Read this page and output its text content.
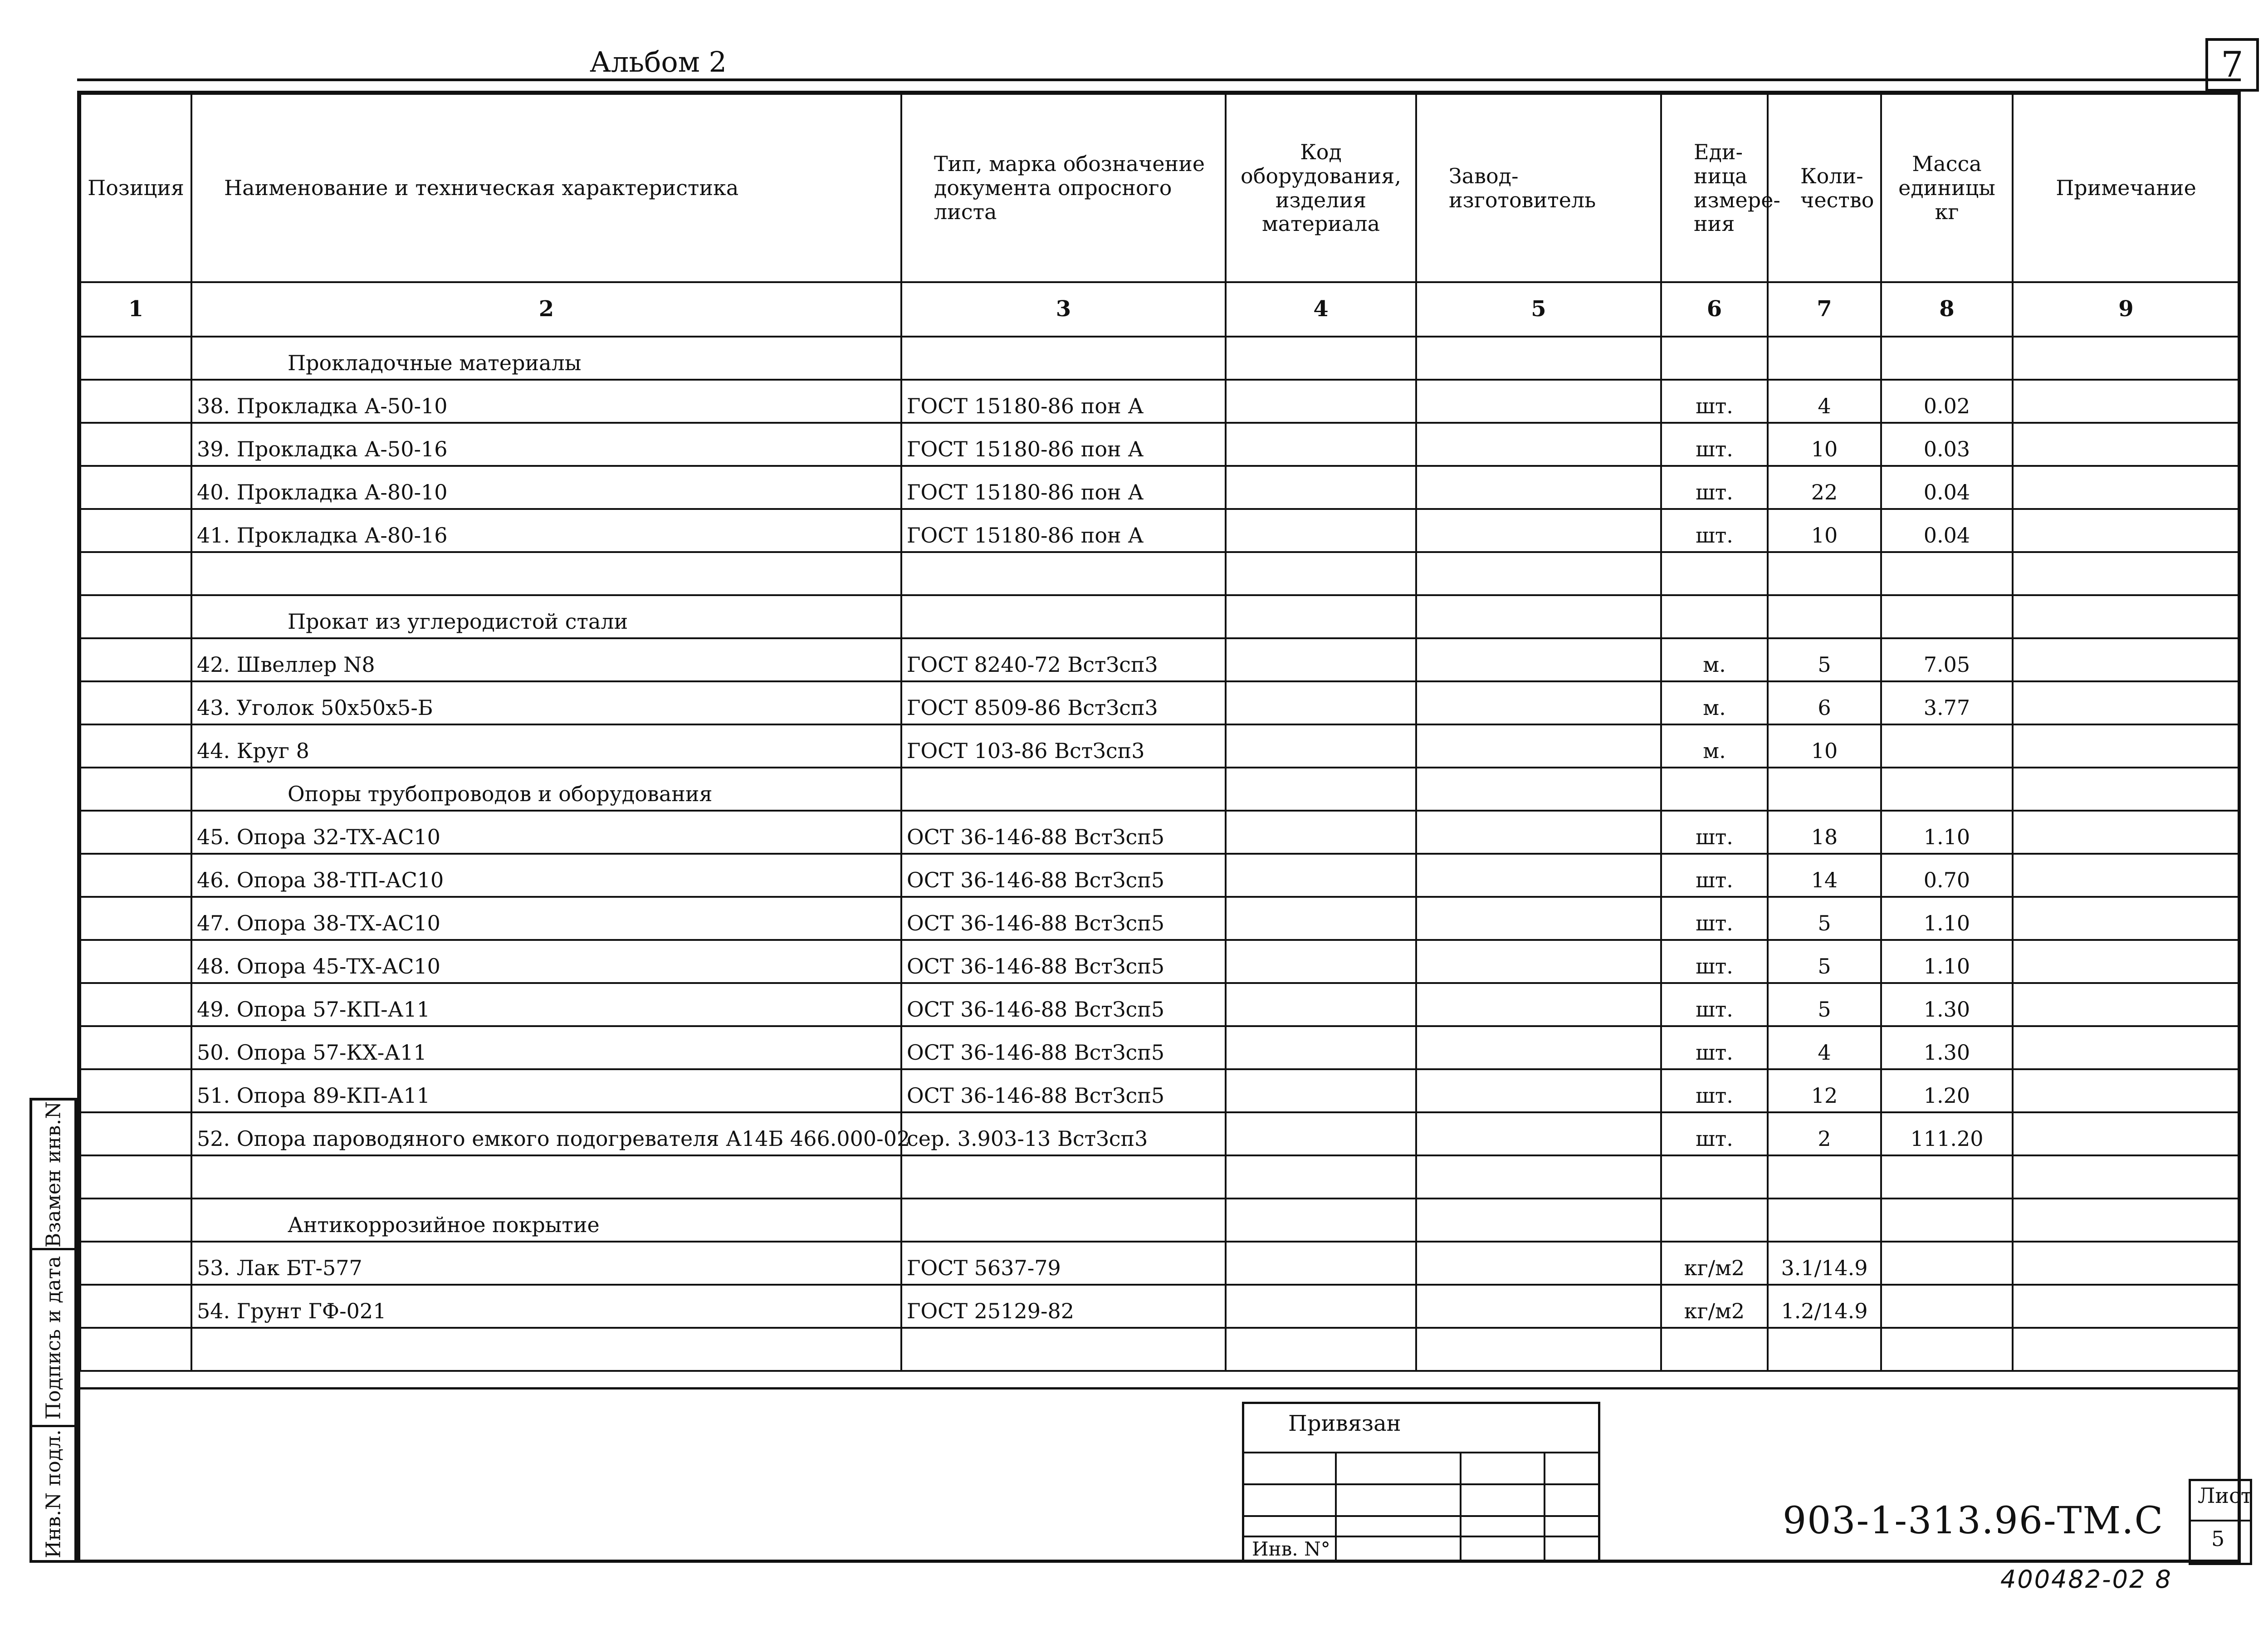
Альбом 2	7
Позиция	Наименование и техническая характеристика	Тип, марка обозначение документа опросного листа	Код оборудования, изделия материала	Завод- изготовитель	Еди- ница измере- ния	Коли- чество	Масса единицы кг	Примечание
1	2	3	4	5	6	7	8	9
	Прокладочные материалы							
	38. Прокладка А-50-10	ГОСТ 15180-86 пон А			шт.	4	0.02	
	39. Прокладка А-50-16	ГОСТ 15180-86 пон А			шт.	10	0.03	
	40. Прокладка А-80-10	ГОСТ 15180-86 пон А			шт.	22	0.04	
	41. Прокладка А-80-16	ГОСТ 15180-86 пон А			шт.	10	0.04	

	Прокат из углеродистой стали							
	42. Швеллер N8	ГОСТ 8240-72 ВстЗсп3			м.	5	7.05	
	43. Уголок 50х50х5-Б	ГОСТ 8509-86 ВстЗсп3			м.	6	3.77	
	44. Круг 8	ГОСТ 103-86 ВстЗсп3			м.	10		
	Опоры трубопроводов и оборудования							
	45. Опора 32-ТХ-АС10	ОСТ 36-146-88 ВстЗсп5			шт.	18	1.10	
	46. Опора 38-ТП-АС10	ОСТ 36-146-88 ВстЗсп5			шт.	14	0.70	
	47. Опора 38-ТХ-АС10	ОСТ 36-146-88 ВстЗсп5			шт.	5	1.10	
	48. Опора 45-ТХ-АС10	ОСТ 36-146-88 ВстЗсп5			шт.	5	1.10	
	49. Опора 57-КП-А11	ОСТ 36-146-88 ВстЗсп5			шт.	5	1.30	
	50. Опора 57-КХ-А11	ОСТ 36-146-88 ВстЗсп5			шт.	4	1.30	
	51. Опора 89-КП-А11	ОСТ 36-146-88 ВстЗсп5			шт.	12	1.20	
	52. Опора пароводяного емкого подогревателя А14Б 466.000-02	сер. 3.903-13 ВстЗсп3			шт.	2	111.20	

	Антикоррозийное покрытие							
	53. Лак БТ-577	ГОСТ 5637-79			кг/м2	3.1/14.9		
	54. Грунт ГФ-021	ГОСТ 25129-82			кг/м2	1.2/14.9		

Взамен инв.N
Подпись и дата
Инв.N подл.
Привязан
Инв. N°
903-1-313.96-ТМ.С
Лист
5
400482-02 8
